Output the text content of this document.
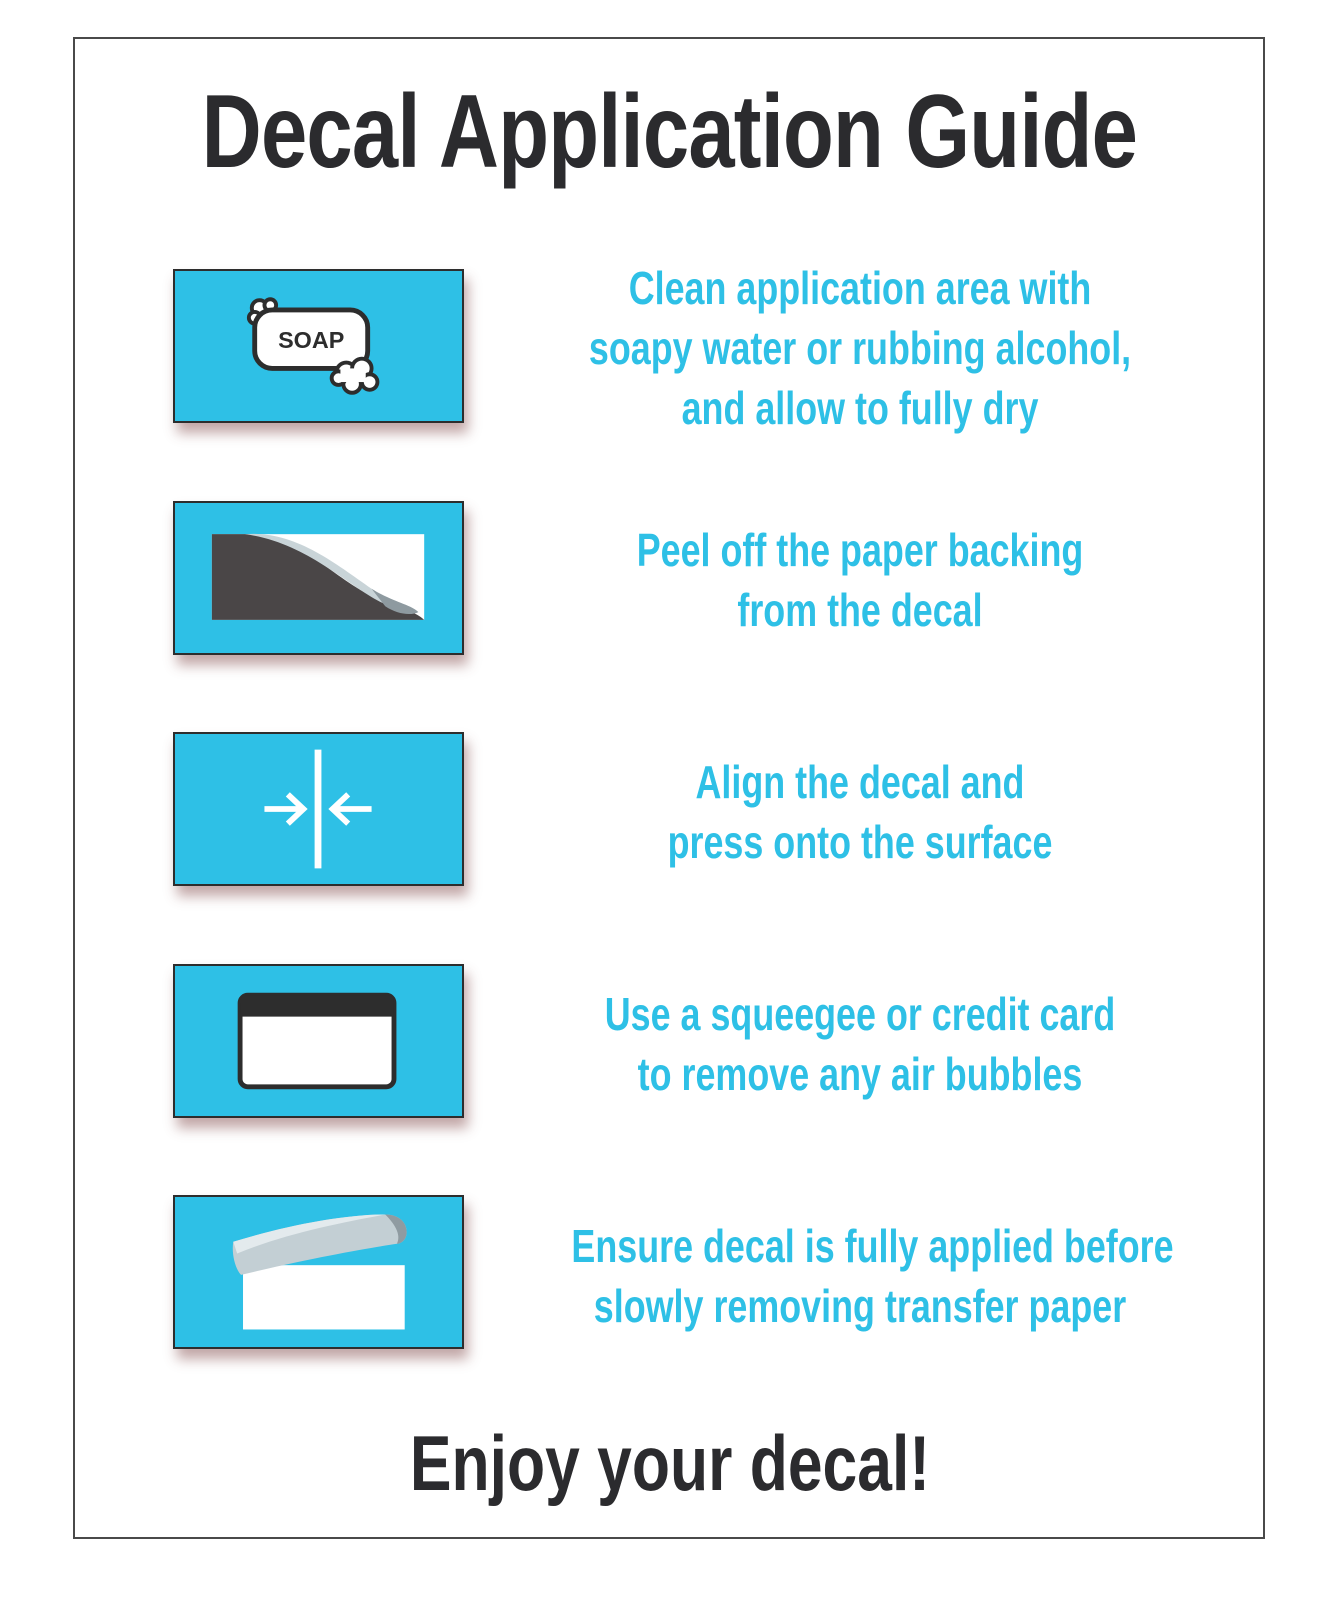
Decal Application Guide
SOAP
Clean application area with
soapy water or rubbing alcohol,
and allow to fully dry
Peel off the paper backing
from the decal
Align the decal and
press onto the surface
Use a squeegee or credit card
to remove any air bubbles
Ensure decal is fully applied before
slowly removing transfer paper
Enjoy your decal!
